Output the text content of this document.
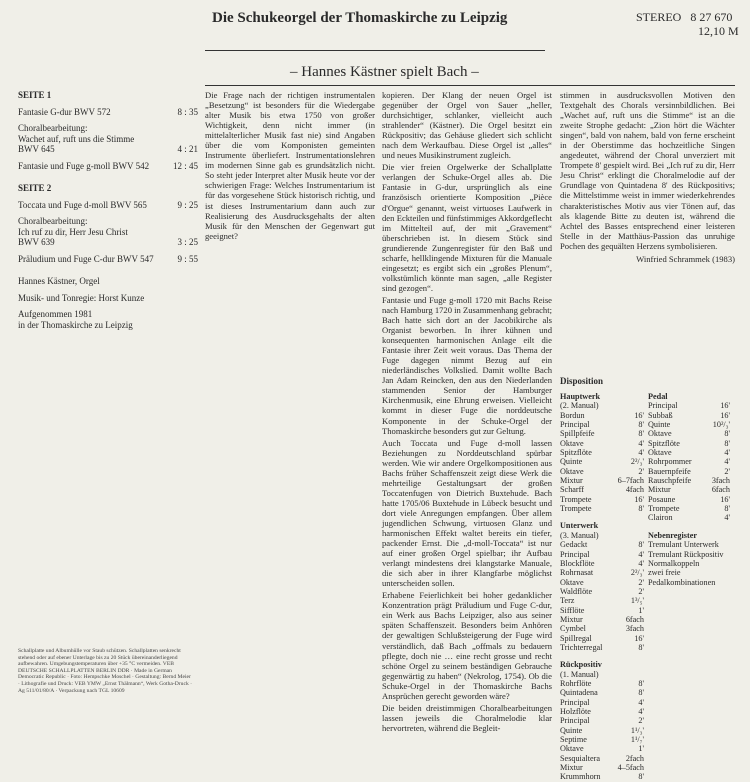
Die Schukeorgel der Thomaskirche zu Leipzig
– Hannes Kästner spielt Bach –
STEREO 8 27 670
12,10 M
SEITE 1
Fantasie G-dur BWV 572	8 : 35
Choralbearbeitung:
Wachet auf, ruft uns die Stimme
BWV 645	4 : 21
Fantasie und Fuge g-moll BWV 542	12 : 45
SEITE 2
Toccata und Fuge d-moll BWV 565	9 : 25
Choralbearbeitung:
Ich ruf zu dir, Herr Jesu Christ
BWV 639	3 : 25
Präludium und Fuge C-dur BWV 547	9 : 55
Hannes Kästner, Orgel
Musik- und Tonregie: Horst Kunze
Aufgenommen 1981
in der Thomaskirche zu Leipzig
Schallplatte und Albumhülle vor Staub schützen. Schallplatten senkrecht stehend oder auf ebener Unterlage bis zu 20 Stück übereinanderliegend aufbewahren. Umgebungstemperaturen über +35 °C vermeiden. VEB DEUTSCHE SCHALLPLATTEN BERLIN DDR · Made in German Democratic Republic · Foto: Hempschke Moschel · Gestaltung: Bernd Meier · Lithografie und Druck: VEB YMW „Ernst Thälmann“, Werk Gotha-Druck · Ag 511/01/80/A · Verpackung nach TGL 10609

Die Frage nach der richtigen instrumentalen „Besetzung“ ist besonders für die Wiedergabe alter Musik bis etwa 1750 von großer Wichtigkeit, denn nicht immer (in mittelalterlicher Musik fast nie) sind Angaben über die vom Komponisten gemeinten Instrumente überliefert. Instrumentationslehren im modernen Sinne gab es grundsätzlich nicht. So steht jeder Interpret alter Musik heute vor der schwierigen Frage: Welches Instrumentarium ist für das vorgesehene Stück historisch richtig, und ist dieses Instrumentarium dann auch zur Realisierung des Ausdrucksgehalts der alten Musik für den Menschen der Gegenwart gut geeignet?

kopieren. Der Klang der neuen Orgel ist gegenüber der Orgel von Sauer „heller, durchsichtiger, schlanker, vielleicht auch strahlender“ (Kästner). Die Orgel besitzt ein Rückpositiv; das Gehäuse gliedert sich schlicht nach dem Werkaufbau. Diese Orgel ist „alles“ und neues Musikinstrument zugleich.

Die vier freien Orgelwerke der Schallplatte verlangen der Schuke-Orgel alles ab. Die Fantasie in G-dur, ursprünglich als eine französisch orientierte Komposition „Pièce d'Orgue“ genannt, weist virtuoses Laufwerk in den Eckteilen und fünfstimmiges Akkordgeflecht im Mittelteil auf, der mit „Gravement“ überschrieben ist. In diesem Stück sind grundierende Zungenregister für den Baß und scharfe, hellklingende Mixturen für die Manuale eingesetzt; es ergibt sich ein „großes Plenum“, volkstümlich könnte man sagen, „alle Register sind gezogen“.

Fantasie und Fuge g-moll 1720 mit Bachs Reise nach Hamburg 1720 in Zusammenhang gebracht; Bach hatte sich dort an der Jacobikirche als Organist beworben. In ihrer kühnen und konsequenten harmonischen Anlage eilt die Fantasie ihrer Zeit weit voraus. Das Thema der Fuge dagegen nimmt Bezug auf ein niederländisches Volkslied. Damit wollte Bach Jan Adam Reincken, den aus den Niederlanden stammenden Senior der Hamburger Kirchenmusik, eine Ehrung erweisen. Vielleicht kommt in dieser Fuge die norddeutsche Komponente in der Schuke-Orgel der Thomaskirche besonders gut zur Geltung.

Auch Toccata und Fuge d-moll lassen Beziehungen zu Norddeutschland spürbar werden. Wie wir andere Orgelkompositionen aus Bachs früher Schaffenszeit zeigt diese Werk die mehrteilige Gestaltungsart der großen Toccatenfugen von Dietrich Buxtehude. Bach hatte 1705/06 Buxtehude in Lübeck besucht und dort viele Anregungen empfangen. Über allem jugendlichen Schwung, virtuosen Glanz und harmonischen Effekt waltet bereits ein tiefer, packender Ernst. Die „d-moll-Toccata“ ist nur auf einer großen Orgel spielbar; ihr Aufbau verlangt mindestens drei klangstarke Manuale, die sich aber in ihrer Klangfarbe möglichst unterscheiden sollen.

Erhabene Feierlichkeit bei hoher gedanklicher Konzentration prägt Präludium und Fuge C-dur, ein Werk aus Bachs Leipziger, also aus seiner späten Schaffenszeit. Besonders beim Anhören der gewaltigen Schlußsteigerung der Fuge wird verständlich, daß Bach „offmals zu bedauern pflegte, doch nie … eine recht grosse und recht schöne Orgel zu seinem beständigen Gebrauche gegenwärtig zu haben“ (Nekrolog, 1754). Ob die Schuke-Orgel in der Thomaskirche Bachs Ansprüchen gerecht geworden wäre?

Die beiden dreistimmigen Choralbearbeitungen lassen jeweils die Choralmelodie klar hervortreten, während die Begleit-

stimmen in ausdrucksvollen Motiven den Textgehalt des Chorals versinnbildlichen. Bei „Wachet auf, ruft uns die Stimme“ ist an die zweite Strophe gedacht: „Zion hört die Wächter singen“, bald von nahem, bald von ferne erscheint in der Oberstimme das hochzeitliche Singen angedeutet, während der Choral unverziert mit Trompete 8' gespielt wird. Bei „Ich ruf zu dir, Herr Jesu Christ“ erklingt die Choralmelodie auf der Grundlage von Quintadena 8' des Rückpositivs; die Mittelstimme weist in immer wiederkehrendes charakteristisches Motiv aus vier Tönen auf, das als klagende Bitte zu deuten ist, während die Achtel des Basses entsprechend einer leisteren Stelle in der Matthäus-Passion das unruhige Pochen des gequälten Herzens symbolisieren.

Winfried Schrammek (1983)
Disposition
Hauptwerk
(2. Manual)
Bordun	16'
Principal	8'
Spillpfeife	8'
Oktave	4'
Spitzflöte	4'
Quinte	2²/₃'
Oktave	2'
Mixtur	6–7fach
Scharff	4fach
Trompete	16'
Trompete	8'
Unterwerk
(3. Manual)
Gedackt	8'
Principal	4'
Blockflöte	4'
Rohrnasat	2²/₃'
Oktave	2'
Waldflöte	2'
Terz	1³/₅'
Sifflöte	1'
Mixtur	6fach
Cymbel	3fach
Spillregal	16'
Trichterregal	8'
Rückpositiv
(1. Manual)
Rohrflöte	8'
Quintadena	8'
Principal	4'
Holzflöte	4'
Principal	2'
Quinte	1¹/₃'
Septime	1¹/₇'
Oktave	1'
Sesquialtera	2fach
Mixtur	4–5fach
Krummhorn	8'
Pedal
Principal	16'
Subbaß	16'
Quinte	10²/₃'
Oktave	8'
Spitzflöte	8'
Oktave	4'
Rohrpommer	4'
Bauernpfeife	2'
Rauschpfeife	3fach
Mixtur	6fach
Posaune	16'
Trompete	8'
Clairon	4'
Nebenregister
Tremulant Unterwerk
Tremulant Rückpositiv
Normalkoppeln
zwei freie Pedalkombinationen
